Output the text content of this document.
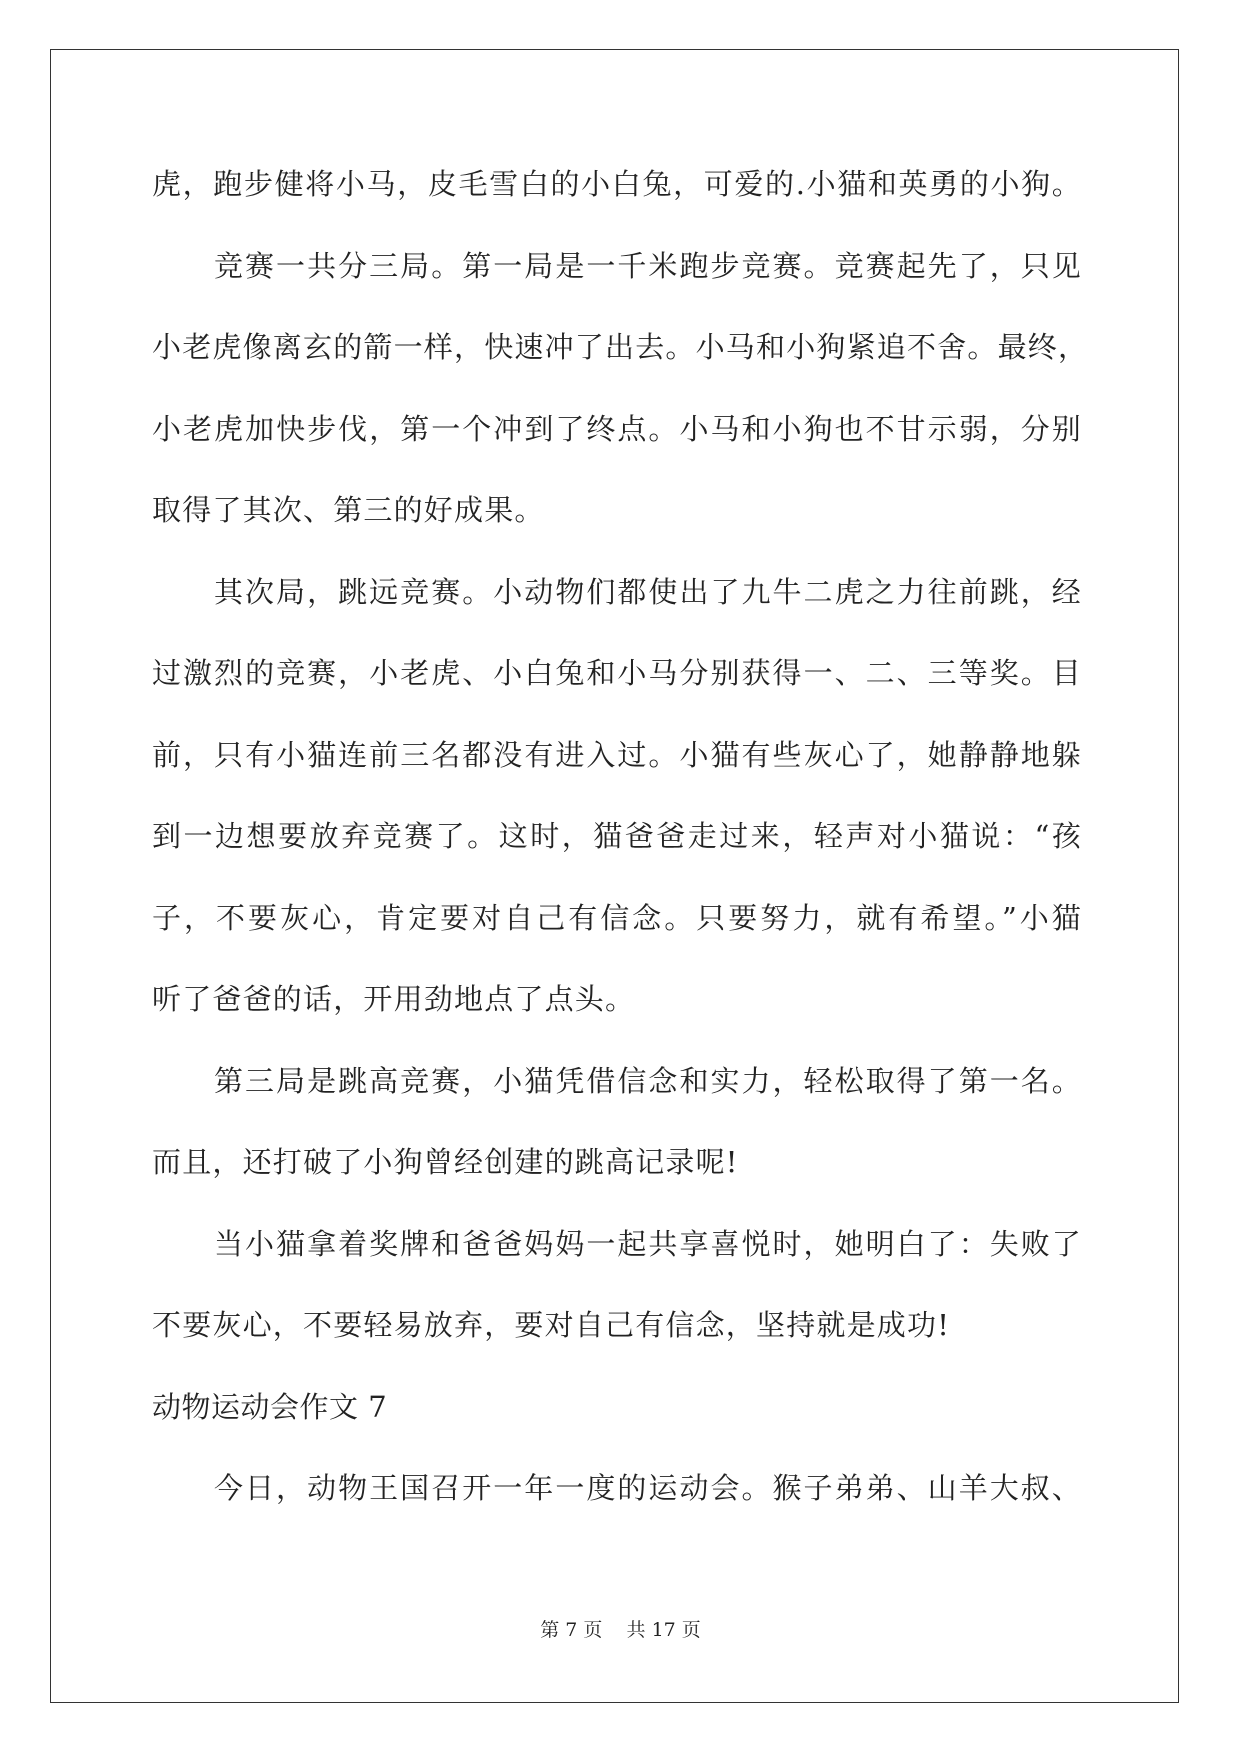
虎，跑步健将小马，皮毛雪白的小白兔，可爱的.小猫和英勇的小狗。
竞赛一共分三局。第一局是一千米跑步竞赛。竞赛起先了，只见
小老虎像离玄的箭一样，快速冲了出去。小马和小狗紧追不舍。最终，
小老虎加快步伐，第一个冲到了终点。小马和小狗也不甘示弱，分别
取得了其次、第三的好成果。
其次局，跳远竞赛。小动物们都使出了九牛二虎之力往前跳，经
过激烈的竞赛，小老虎、小白兔和小马分别获得一、二、三等奖。目
前，只有小猫连前三名都没有进入过。小猫有些灰心了，她静静地躲
到一边想要放弃竞赛了。这时，猫爸爸走过来，轻声对小猫说：“孩
子，不要灰心，肯定要对自己有信念。只要努力，就有希望。”小猫
听了爸爸的话，开用劲地点了点头。
第三局是跳高竞赛，小猫凭借信念和实力，轻松取得了第一名。
而且，还打破了小狗曾经创建的跳高记录呢!
当小猫拿着奖牌和爸爸妈妈一起共享喜悦时，她明白了：失败了
不要灰心，不要轻易放弃，要对自己有信念，坚持就是成功!
动物运动会作文 7
今日，动物王国召开一年一度的运动会。猴子弟弟、山羊大叔、
第 7 页    共 17 页
